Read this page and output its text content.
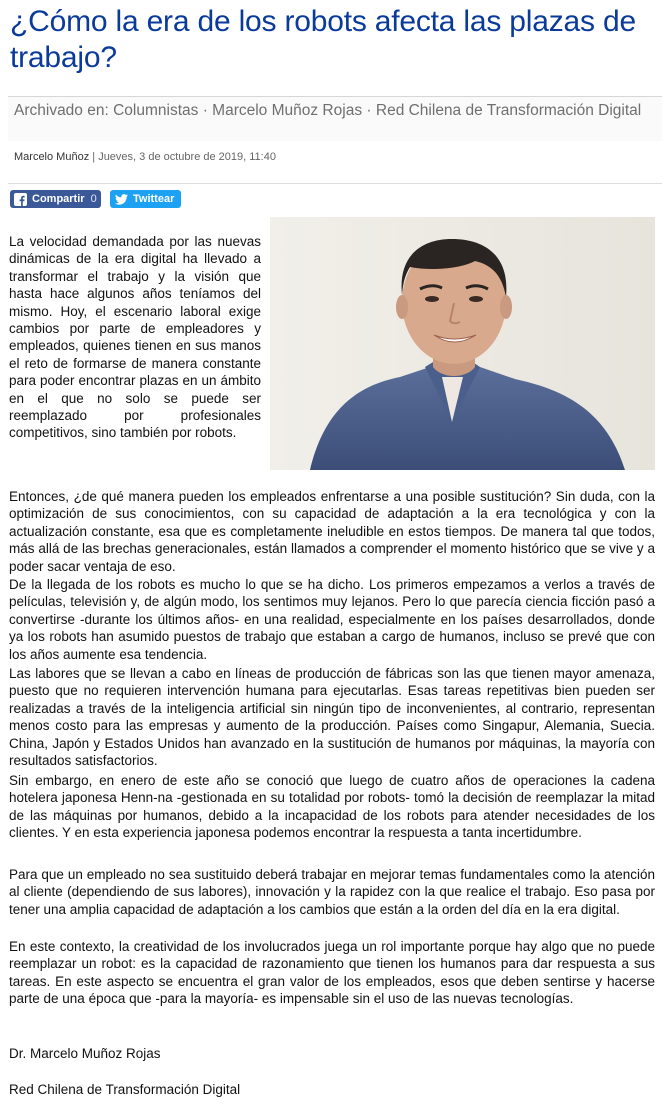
¿Cómo la era de los robots afecta las plazas de trabajo?
Archivado en: Columnistas · Marcelo Muñoz Rojas · Red Chilena de Transformación Digital
Marcelo Muñoz | Jueves, 3 de octubre de 2019, 11:40
Compartir 0	Twittear

La velocidad demandada por las nuevas dinámicas de la era digital ha llevado a transformar el trabajo y la visión que hasta hace algunos años teníamos del mismo. Hoy, el escenario laboral exige cambios por parte de empleadores y empleados, quienes tienen en sus manos el reto de formarse de manera constante para poder encontrar plazas en un ámbito en el que no solo se puede ser reemplazado por profesionales competitivos, sino también por robots.

Entonces, ¿de qué manera pueden los empleados enfrentarse a una posible sustitución? Sin duda, con la optimización de sus conocimientos, con su capacidad de adaptación a la era tecnológica y con la actualización constante, esa que es completamente ineludible en estos tiempos. De manera tal que todos, más allá de las brechas generacionales, están llamados a comprender el momento histórico que se vive y a poder sacar ventaja de eso.

De la llegada de los robots es mucho lo que se ha dicho. Los primeros empezamos a verlos a través de películas, televisión y, de algún modo, los sentimos muy lejanos. Pero lo que parecía ciencia ficción pasó a convertirse -durante los últimos años- en una realidad, especialmente en los países desarrollados, donde ya los robots han asumido puestos de trabajo que estaban a cargo de humanos, incluso se prevé que con los años aumente esa tendencia.

Las labores que se llevan a cabo en líneas de producción de fábricas son las que tienen mayor amenaza, puesto que no requieren intervención humana para ejecutarlas. Esas tareas repetitivas bien pueden ser realizadas a través de la inteligencia artificial sin ningún tipo de inconvenientes, al contrario, representan menos costo para las empresas y aumento de la producción. Países como Singapur, Alemania, Suecia. China, Japón y Estados Unidos han avanzado en la sustitución de humanos por máquinas, la mayoría con resultados satisfactorios.

Sin embargo, en enero de este año se conoció que luego de cuatro años de operaciones la cadena hotelera japonesa Henn-na -gestionada en su totalidad por robots- tomó la decisión de reemplazar la mitad de las máquinas por humanos, debido a la incapacidad de los robots para atender necesidades de los clientes. Y en esta experiencia japonesa podemos encontrar la respuesta a tanta incertidumbre.

Para que un empleado no sea sustituido deberá trabajar en mejorar temas fundamentales como la atención al cliente (dependiendo de sus labores), innovación y la rapidez con la que realice el trabajo. Eso pasa por tener una amplia capacidad de adaptación a los cambios que están a la orden del día en la era digital.

En este contexto, la creatividad de los involucrados juega un rol importante porque hay algo que no puede reemplazar un robot: es la capacidad de razonamiento que tienen los humanos para dar respuesta a sus tareas. En este aspecto se encuentra el gran valor de los empleados, esos que deben sentirse y hacerse parte de una época que -para la mayoría- es impensable sin el uso de las nuevas tecnologías.

Dr. Marcelo Muñoz Rojas
Red Chilena de Transformación Digital
